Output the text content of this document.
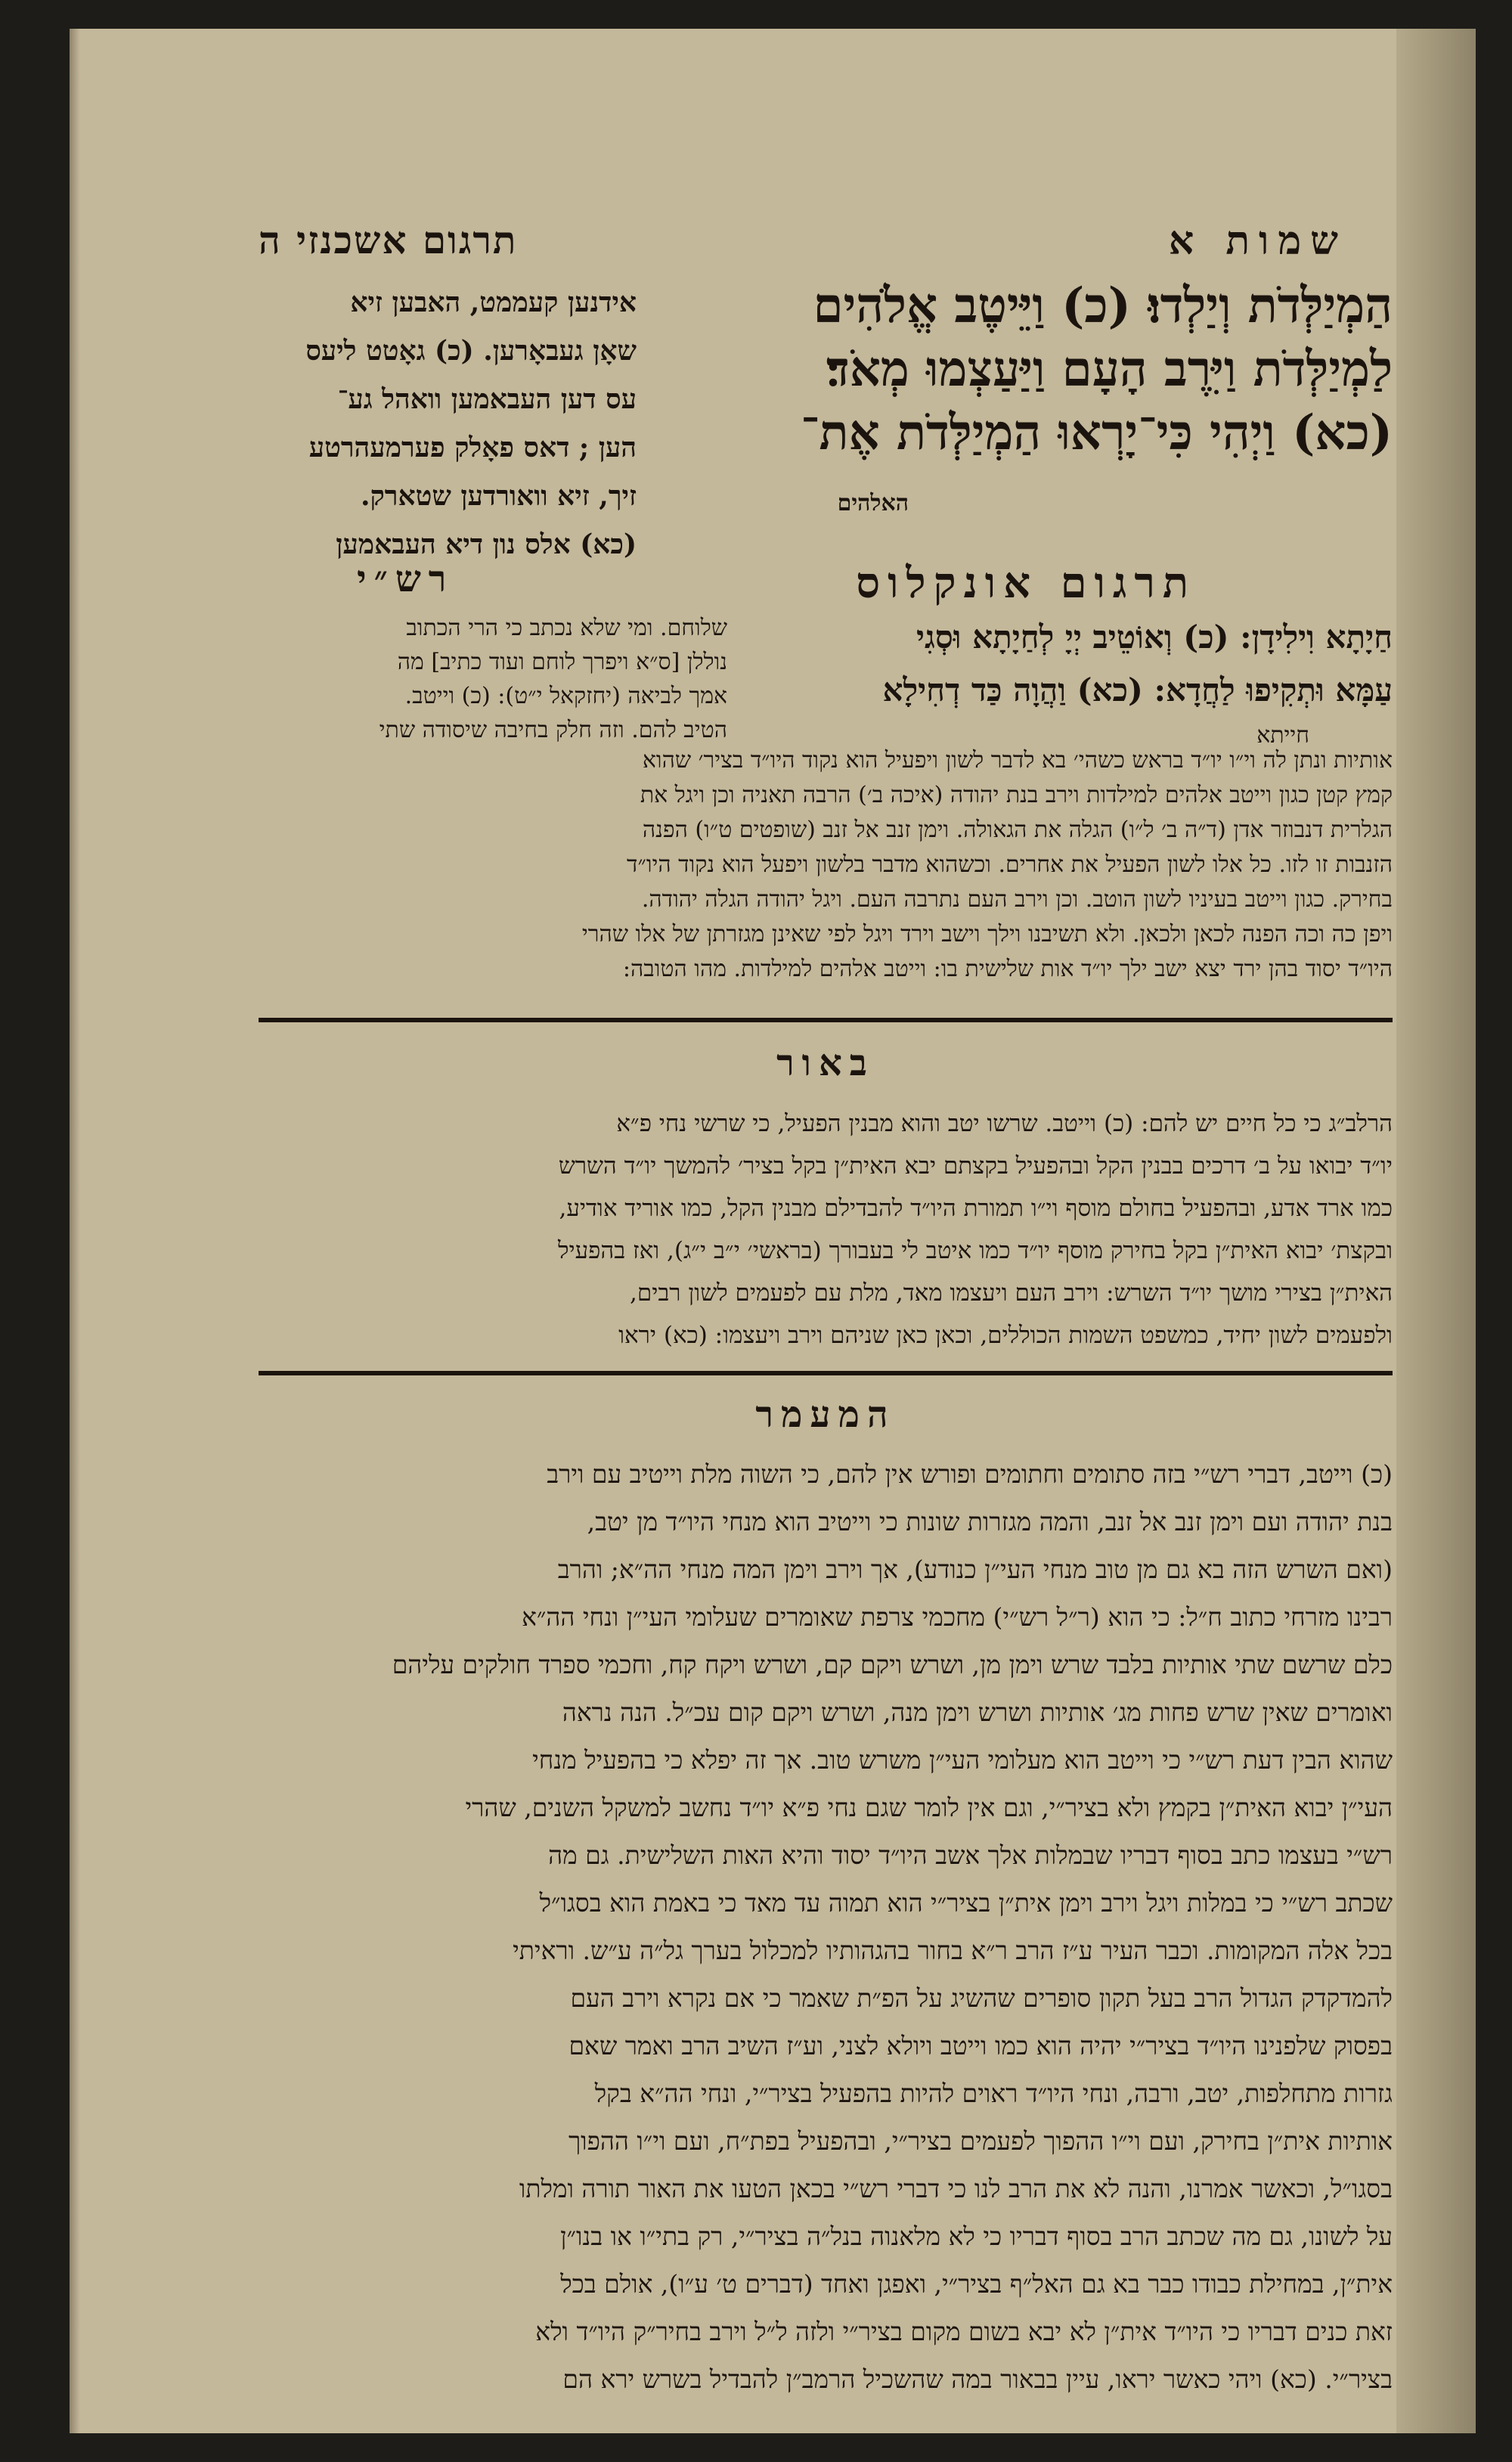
שמות א
תרגום אשכנזי ה
הַמְיַלְּדֹת וְיַלְדוּ׃ (כ) וַיֵּיטֶב אֱלֹהִים
לַמְיַלְּדֹת וַיִּרֶב הָעָם וַיַּעַצְמוּ מְאֹד׃
(כא) וַיְהִי כִּי־יָרְאוּ הַמְיַלְּדֹת אֶת־
האלהים
אידנען קעממט, האבען זיא
שאָן געבאָרען. (כ) גאָטט ליעס
עס דען העבאמען וואהל גע־
הען ; דאס פאָלק פערמעהרטע
זיך, זיא וואורדען שטארק.
(כא) אלס נון דיא העבאמען
תרגום אונקלוס
רש״י
חַיָתָא וִילִידָן: (כ) וְאוֹטֵיב יְיָ לְחַיָתָא וּסְגִי
עַמָּא וּתְקִיפוּ לַחֲדָא: (כא) וַהֲוָה כַּד דְחִילָא
חייתא
שלוחם. ומי שלא נכתב כי הרי הכתוב
נוללן [ס״א ויפרך לוחם ועוד כתיב] מה
אמך לביאה (יחזקאל י״ט): (כ) וייטב.
הטיב להם. וזה חלק בחיבה שיסודה שתי
אותיות ונתן לה וי״ו יו״ד בראש כשהי׳ בא לדבר לשון ויפעיל הוא נקוד היו״ד בציר׳ שהוא
קמץ קטן כגון וייטב אלהים למילדות וירב בנת יהודה (איכה ב׳) הרבה תאניה וכן ויגל את
הגלרית דנבוזר אדן (ד״ה ב׳ ל״ו) הגלה את הגאולה. וימן זנב אל זנב (שופטים ט״ו) הפנה
הזנבות זו לזו. כל אלו לשון הפעיל את אחרים. וכשהוא מדבר בלשון ויפעל הוא נקוד היו״ד
בחירק. כגון וייטב בעיניו לשון הוטב. וכן וירב העם נתרבה העם. ויגל יהודה הגלה יהודה.
ויפן כה וכה הפנה לכאן ולכאן. ולא תשיבנו וילך וישב וירד ויגל לפי שאינן מגזרתן של אלו שהרי
היו״ד יסוד בהן ירד יצא ישב ילך יו״ד אות שלישית בו: וייטב אלהים למילדות. מהו הטובה:
באור
הרלב״ג כי כל חיים יש להם: (כ) וייטב. שרשו יטב והוא מבנין הפעיל, כי שרשי נחי פ״א
יו״ד יבואו על ב׳ דרכים בבנין הקל ובהפעיל בקצתם יבא האית״ן בקל בציר׳ להמשך יו״ד השרש
כמו ארד אדע, ובהפעיל בחולם מוסף וי״ו תמורת היו״ד להבדילם מבנין הקל, כמו אוריד אודיע,
ובקצת׳ יבוא האית״ן בקל בחירק מוסף יו״ד כמו איטב לי בעבורך (בראשי׳ י״ב י״ג), ואז בהפעיל
האית״ן בצירי מושך יו״ד השרש: וירב העם ויעצמו מאד, מלת עם לפעמים לשון רבים,
ולפעמים לשון יחיד, כמשפט השמות הכוללים, וכאן כאן שניהם וירב ויעצמו: (כא) יראו
המעמר
(כ) וייטב, דברי רש״י בזה סתומים וחתומים ופורש אין להם, כי השוה מלת וייטיב עם וירב
בנת יהודה ועם וימן זנב אל זנב, והמה מגזרות שונות כי וייטיב הוא מנחי היו״ד מן יטב,
(ואם השרש הזה בא גם מן טוב מנחי העי״ן כנודע), אך וירב וימן המה מנחי הה״א; והרב
רבינו מזרחי כתוב ח״ל: כי הוא (ר״ל רש״י) מחכמי צרפת שאומרים שעלומי העי״ן ונחי הה״א
כלם שרשם שתי אותיות בלבד שרש וימן מן, ושרש ויקם קם, ושרש ויקח קח, וחכמי ספרד חולקים עליהם
ואומרים שאין שרש פחות מג׳ אותיות ושרש וימן מנה, ושרש ויקם קום עכ״ל. הנה נראה
שהוא הבין דעת רש״י כי וייטב הוא מעלומי העי״ן משרש טוב. אך זה יפלא כי בהפעיל מנחי
העי״ן יבוא האית״ן בקמץ ולא בציר״י, וגם אין לומר שגם נחי פ״א יו״ד נחשב למשקל השנים, שהרי
רש״י בעצמו כתב בסוף דבריו שבמלות אלך אשב היו״ד יסוד והיא האות השלישית. גם מה
שכתב רש״י כי במלות ויגל וירב וימן אית״ן בציר״י הוא תמוה עד מאד כי באמת הוא בסגו״ל
בכל אלה המקומות. וכבר העיר ע״ז הרב ר״א בחור בהגהותיו למכלול בערך גל״ה ע״ש. וראיתי
להמדקדק הגדול הרב בעל תקון סופרים שהשיג על הפ״ת שאמר כי אם נקרא וירב העם
בפסוק שלפנינו היו״ד בציר״י יהיה הוא כמו וייטב ויולא לצני, וע״ז השיב הרב ואמר שאם
גזרות מתחלפות, יטב, ורבה, ונחי היו״ד ראוים להיות בהפעיל בציר״י, ונחי הה״א בקל
אותיות אית״ן בחירק, ועם וי״ו ההפוך לפעמים בציר״י, ובהפעיל בפת״ח, ועם וי״ו ההפוך
בסגו״ל, וכאשר אמרנו, והנה לא את הרב לנו כי דברי רש״י בכאן הטעו את האור תורה ומלתו
על לשונו, גם מה שכתב הרב בסוף דבריו כי לא מלאנוה בנל״ה בציר״י, רק בתי״ו או בנו״ן
אית״ן, במחילת כבודו כבר בא גם האל״ף בציר״י, ואפגן ואחד (דברים ט׳ ע״ו), אולם בכל
זאת כנים דבריו כי היו״ד אית״ן לא יבא בשום מקום בציר״י ולזה ל״ל וירב בחיר״ק היו״ד ולא
בציר״י. (כא) ויהי כאשר יראו, עיין בבאור במה שהשכיל הרמב״ן להבדיל בשרש ירא הם
